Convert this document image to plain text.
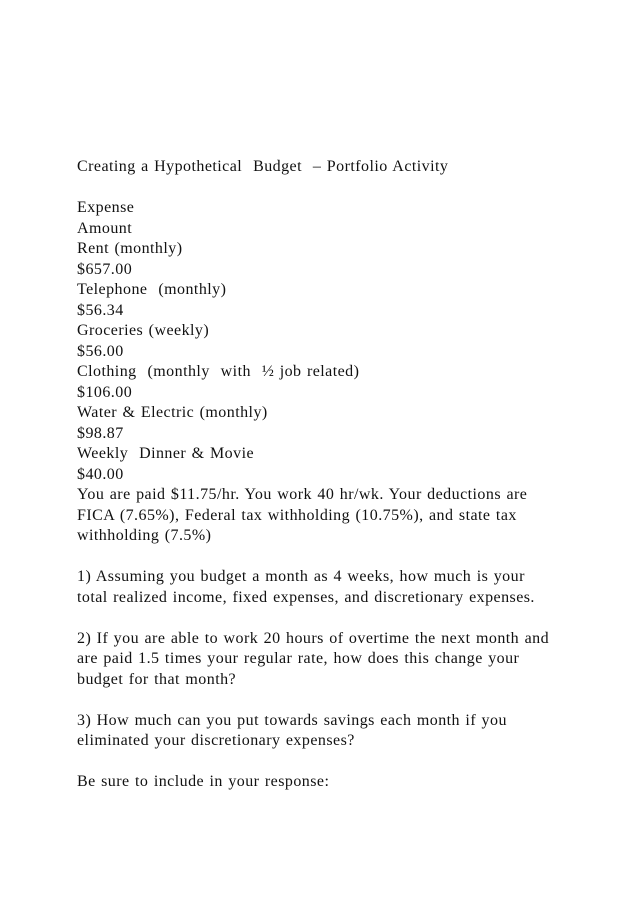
Creating a Hypothetical  Budget  – Portfolio Activity

Expense

Amount

Rent (monthly)

$657.00

Telephone  (monthly)

$56.34

Groceries (weekly)

$56.00

Clothing  (monthly  with  ½ job related)

$106.00

Water & Electric (monthly)

$98.87

Weekly  Dinner & Movie

$40.00

You are paid $11.75/hr. You work 40 hr/wk. Your deductions are FICA (7.65%), Federal tax withholding (10.75%), and state tax withholding (7.5%)

1) Assuming you budget a month as 4 weeks, how much is your total realized income, fixed expenses, and discretionary expenses.

2) If you are able to work 20 hours of overtime the next month and are paid 1.5 times your regular rate, how does this change your budget for that month?

3) How much can you put towards savings each month if you eliminated your discretionary expenses?

Be sure to include in your response:
